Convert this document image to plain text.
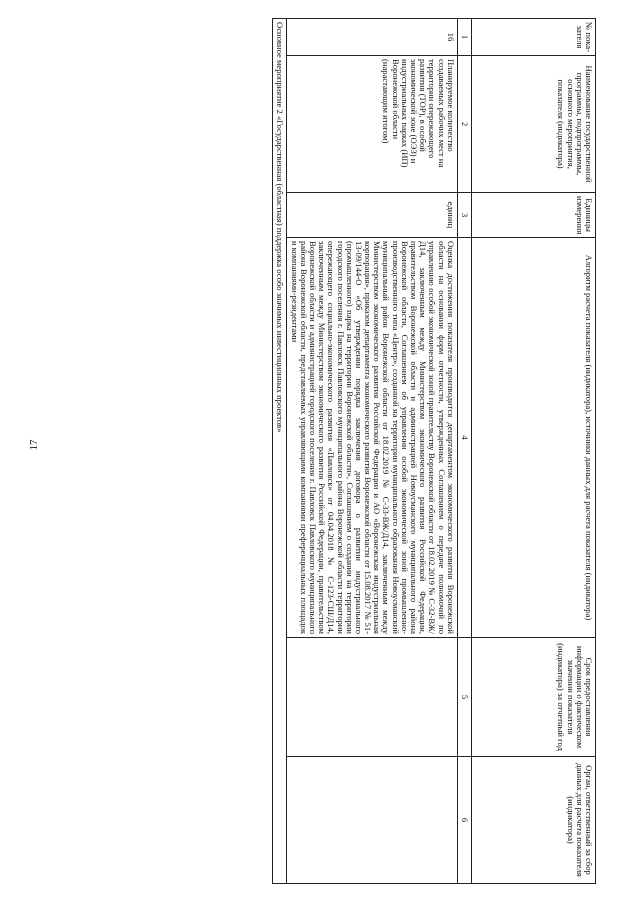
17
№ пока-зателя	Наименование государственной программы, подпрограммы, основного мероприятия, показателя (индикатора)	Единицы измерения	Алгоритм расчета показателя (индикатора), источники данных для расчета показателя (индикатора)	Срок предоставления информации о фактическом значении показателя (индикатора) за отчетный год	Орган, ответственный за сбор данных для расчета показателя (индикатора)
1	2	3	4	5	6
16	Планируемое количество создаваемых рабочих мест на территории опережающего развития (ТОР), в особой экономической зоне (ОЭЗ) и индустриальных парках (ИП) Воронежской области (нарастающим итогом)	единиц	Оценка достижения показателя производится департаментом экономического развития Воронежской области на основании форм отчетности, утвержденных Соглашением о передаче полномочий по управлению особой экономической зоной правительству Воронежской области от 18.02.2019 № С-32-ВЖ/Д14, заключенным между Министерством экономического развития Российской Федерации, правительством Воронежской области и администрацией Новоусманского муниципального района Воронежской области, Соглашением об управлении особой экономической зоной промышленно-производственного типа «Центр», созданной на территории муниципального образования Новоусманский муниципальный район Воронежской области от 18.02.2019 № С-33-ВЖ/Д14, заключенным между Министерством экономического развития Российской Федерации и АО «Воронежская индустриальная корпорация», приказом департамента экономического развития Воронежской области от 15.08.2017 № 51-13-09/144-О «Об утверждении порядка заключения договора о развитии индустриального (промышленного) парка на территории Воронежской области», Соглашением о создании на территории городского поселения г. Павловск Павловского муниципального района Воронежской области территории опережающего социально-экономического развития «Павловск» от 04.04.2018 № С-123-СШ/Д14, заключенным между Министерством экономического развития Российской Федерации, правительством Воронежской области и администрацией городского поселения г. Павловск Павловского муниципального района Воронежской области, представляемых управляющими компаниями преференциальных площадок и компаниями-резидентами		
Основное мероприятие 2 «Государственная (областная) поддержка особо значимых инвестиционных проектов»					
